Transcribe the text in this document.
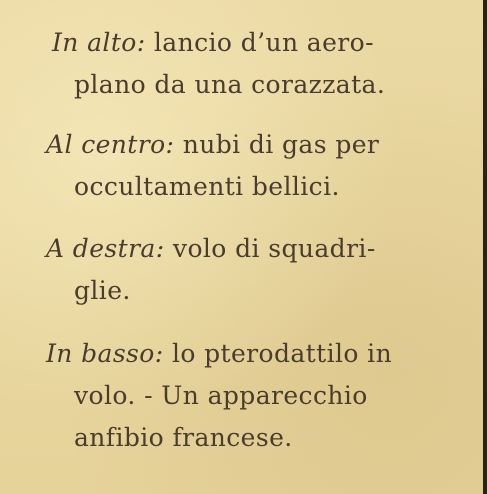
In alto: lancio d’un aero-
plano da una corazzata.
Al centro: nubi di gas per
occultamenti bellici.
A destra: volo di squadri-
glie.
In basso: lo pterodattilo in
volo. - Un apparecchio
anfibio francese.
